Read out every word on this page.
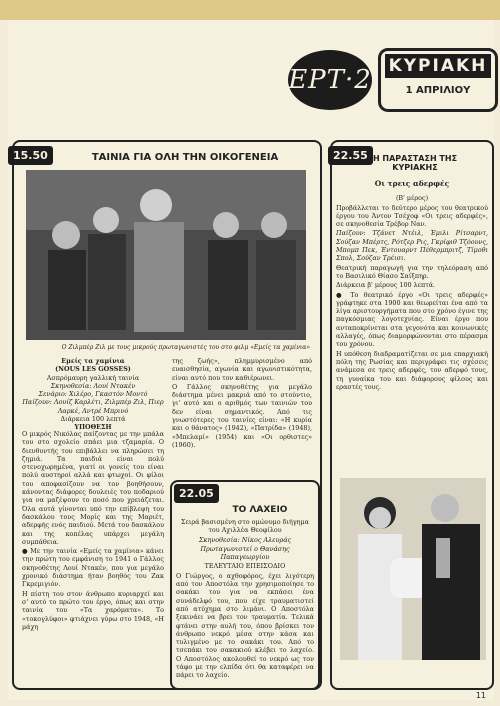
ΕΡΤ·2 ΚΥΡΙΑΚΗ
1 ΑΠΡΙΛΙΟΥ
15.50	ΤΑΙΝΙΑ ΓΙΑ ΟΛΗ ΤΗΝ ΟΙΚΟΓΕΝΕΙΑ
Ο Ζιλμπέρ Ζιλ με τους μικρούς πρωταγωνιστές του στο φιλμ «Εμείς τα χαμίνια»
Εμείς τα χαμίνια
(NOUS LES GOSSES)
Ασπρόμαυρη γαλλική ταινία
Σκηνοθεσία: Λουί Ντακέν
Σενάριο: Χιλέρο, Γκαστόν Μοντό
Παίζουν: Λουίζ Καρλέτι, Ζιλμπέρ Ζιλ, Πιερ Λαρκέ, Αντρέ Μπρινό
Διάρκεια 100 λεπτά
ΥΠΟΘΕΣΗ

Ο μικρός Νικόλας παίζοντας με την μπάλα του στο σχολείο σπάει μια τζαμαρία. Ο διευθυντής του επιβάλλει να πληρώσει τη ζημιά. Τα παιδιά είναι πολύ στενοχωρημένα, γιατί οι γονείς του είναι πολύ αυστηροί αλλά και φτωχοί. Οι φίλοι του αποφασίζουν να τον βοηθήσουν, κάνοντας διάφορες δουλειές του ποδαριού για να μαζέψουν το ποσό που χρειάζεται. Όλα αυτά γίνονται υπό την επίβλεψη του δασκάλου τους Μορίς και της Μαριέτ, αδερφής ενός παιδιού. Μετά του δασκάλου και της κοπέλας υπάρχει μεγάλη συμπάθεια.

● Με την ταινία «Εμείς τα χαμίνια» κάνει την πρώτη του εμφάνιση το 1941 ο Γάλλος σκηνοθέτης Λουί Ντακέν, που για μεγάλο χρονικό διάστημα ήταν βοηθός του Ζακ Γκρεμιγιόν.

Η πίστη του στον άνθρωπο κυριαρχεί και σ' αυτό το πρώτο του έργο, όπως και στην ταινία του «Τα χαρόματα». Το «τοκογλύφοι» φτιάχνει γύρω στο 1948, «Η μάχη

της ζωής», πλημμυρισμένο από ευαισθησία, αγωνία και αγωνιστικότητα, είναι αυτό που τον καθιέρωνει.

Ο Γάλλος σκηνοθέτης για μεγάλο διάστημα μένει μακριά από το στούντιο, γι' αυτό και ο αριθμός των ταινιών του δεν είναι σημαντικός. Από τις γνωστότερες του ταινίες είναι: «Η κυρία και ο θάνατος» (1942), «Πατρίδα» (1948), «Μπελαμί» (1954) και «Οι ορθιστες» (1960).

22.05
ΤΟ ΛΑΧΕΙΟ

Σειρά βασισμένη στο ομώνυμο διήγημα του Αχιλλέα Θεοφίλου

Σκηνοθεσία: Νίκος Αλευράς

Πρωταγωνιστεί ο Θανάσης Παπαγεωργίου

ΤΕΛΕΥΤΑΙΟ ΕΠΕΙΣΟΔΙΟ

Ο Γιώργος, ο αχθοφόρος, έχει λιγότερη από τον Αποστόλα την χρησιμοποίησε το σακάκι του για να εκπάσει ένα συνάδελφό του, που είχε τραυματιστεί από ατύχημα στο λιμάνι. Ο Αποστόλα ξεκινάει να βρει τον τραυματία. Τελικά φτάνει στην αυλή του, όπου βρίσκει τον άνθρωπο νεκρό μέσα στην κάσα και τυλιγμένο με το σακάκι του. Από το τσεπάκι του σακακιού κλέβει το λαχείο. Ο Αποστόλος ακολουθεί το νεκρό ως τον τάφο με την ελπίδα ότι θα καταφέρει να πάρει το λαχείο.

22.55 Η ΠΑΡΑΣΤΑΣΗ ΤΗΣ ΚΥΡΙΑΚΗΣ

Οι τρεις αδερφές

(Β' μέρος)

Προβάλλεται το δεύτερο μέρος του θεατρικού έργου του Άντον Τσέχοφ «Οι τρεις αδερφές», σε σκηνοθεσία Τρέβορ Ναν.

Παίζουν: Τζάνετ Ντέιλ, Έμιλι Ρίτσαρντ, Σούζαν Μπέρτς, Ρότζερ Ρις, Γκρίφιθ Τζόουνς, Μπομπ Πεκ, Έντουαρντ Πέθερμπριτζ, Τίμοθι Σπολ, Σούζαν Τρέισι.

Θεατρική παραγωγή για την τηλεόραση από το Βασιλικό Θίασο Σαίξπηρ.

Διάρκεια β' μέρους 100 λεπτά.

● Το θεατρικό έργο «Οι τρεις αδερφές» γράφτηκε στα 1900 και θεωρείται ένα από τα λίγα αριστουργήματα που στο χρόνο έγινε της παγκόσμιας λογοτεχνίας. Είναι έργο που ανταποκρίνεται στα γεγονότα και κοινωνικές αλλαγές, όπως διαμορφώνονται στο πέρασμα του χρόνου.

Η υπόθεση διαδραματίζεται σε μια επαρχιακή πόλη της Ρωσίας και περιγράφει τις σχέσεις ανάμεσα σε τρεις αδερφές, τον αδερφό τους, τη γυναίκα του και διάφορους φίλους και εραστές τους.

11
